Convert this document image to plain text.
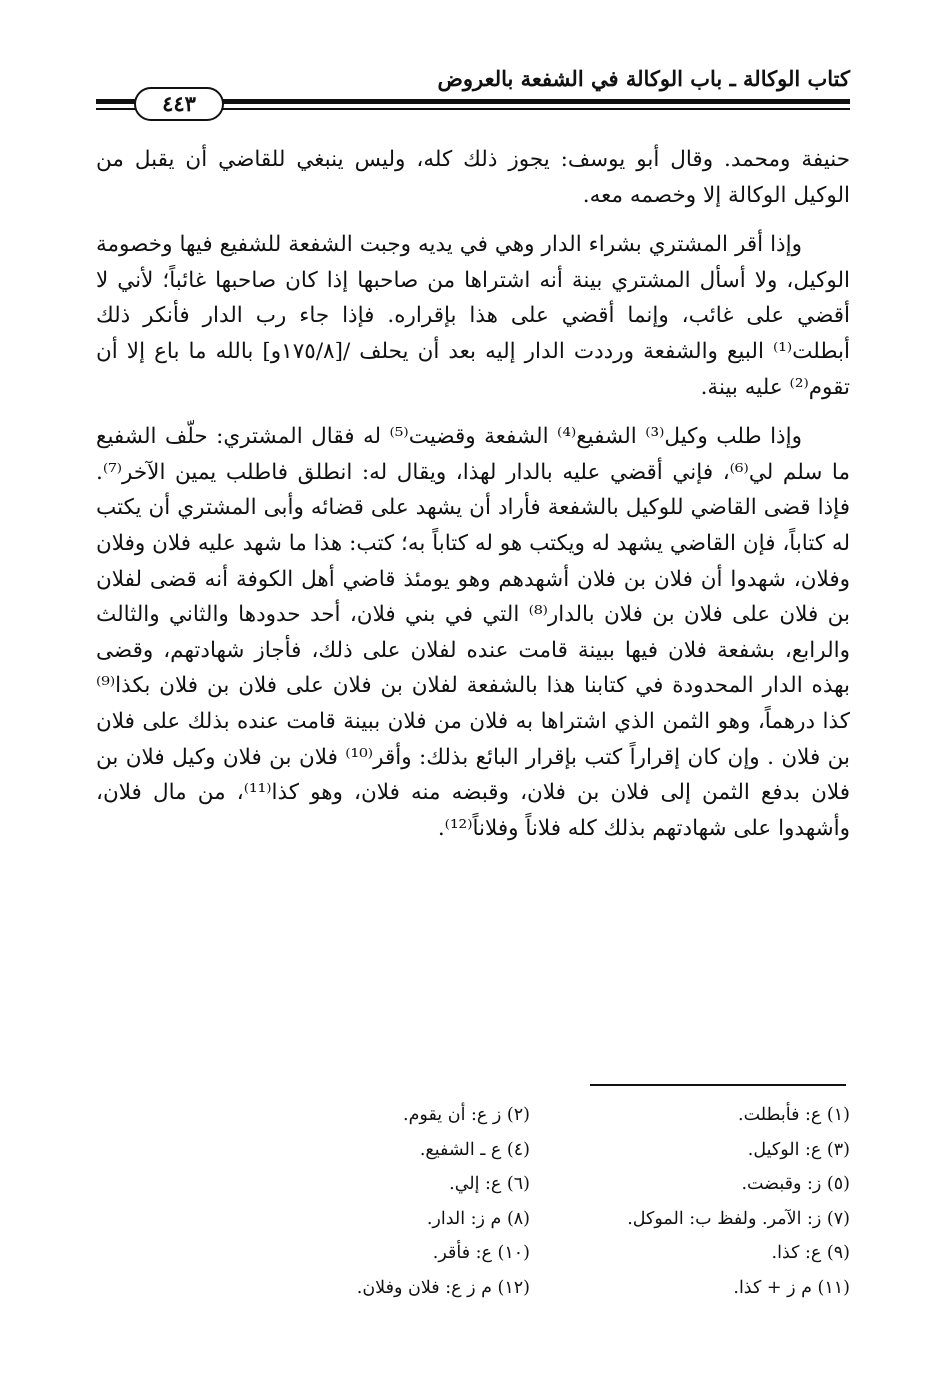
كتاب الوكالة ـ باب الوكالة في الشفعة بالعروض
٤٤٣

حنيفة ومحمد. وقال أبو يوسف: يجوز ذلك كله، وليس ينبغي للقاضي أن يقبل من الوكيل الوكالة إلا وخصمه معه.

وإذا أقر المشتري بشراء الدار وهي في يديه وجبت الشفعة للشفيع فيها وخصومة الوكيل، ولا أسأل المشتري بينة أنه اشتراها من صاحبها إذا كان صاحبها غائباً؛ لأني لا أقضي على غائب، وإنما أقضي على هذا بإقراره. فإذا جاء رب الدار فأنكر ذلك أبطلت⁽¹⁾ البيع والشفعة ورددت الدار إليه بعد أن يحلف /[١٧٥/٨و] بالله ما باع إلا أن تقوم⁽²⁾ عليه بينة.

وإذا طلب وكيل⁽³⁾ الشفيع⁽⁴⁾ الشفعة وقضيت⁽⁵⁾ له فقال المشتري: حلّف الشفيع ما سلم لي⁽⁶⁾، فإني أقضي عليه بالدار لهذا، ويقال له: انطلق فاطلب يمين الآخر⁽⁷⁾. فإذا قضى القاضي للوكيل بالشفعة فأراد أن يشهد على قضائه وأبى المشتري أن يكتب له كتاباً، فإن القاضي يشهد له ويكتب هو له كتاباً به؛ كتب: هذا ما شهد عليه فلان وفلان وفلان، شهدوا أن فلان بن فلان أشهدهم وهو يومئذ قاضي أهل الكوفة أنه قضى لفلان بن فلان على فلان بن فلان بالدار⁽⁸⁾ التي في بني فلان، أحد حدودها والثاني والثالث والرابع، بشفعة فلان فيها ببينة قامت عنده لفلان على ذلك، فأجاز شهادتهم، وقضى بهذه الدار المحدودة في كتابنا هذا بالشفعة لفلان بن فلان على فلان بن فلان بكذا⁽⁹⁾ كذا درهماً، وهو الثمن الذي اشتراها به فلان من فلان ببينة قامت عنده بذلك على فلان بن فلان . وإن كان إقراراً كتب بإقرار البائع بذلك: وأقر⁽¹⁰⁾ فلان بن فلان وكيل فلان بن فلان بدفع الثمن إلى فلان بن فلان، وقبضه منه فلان، وهو كذا⁽¹¹⁾، من مال فلان، وأشهدوا على شهادتهم بذلك كله فلاناً وفلاناً⁽¹²⁾.

(١) ع: فأبطلت.
(٢) ز ع: أن يقوم.
(٣) ع: الوكيل.
(٤) ع ـ الشفيع.
(٥) ز: وقبضت.
(٦) ع: إلي.
(٧) ز: الآمر. ولفظ ب: الموكل.
(٨) م ز: الدار.
(٩) ع: كذا.
(١٠) ع: فأقر.
(١١) م ز + كذا.
(١٢) م ز ع: فلان وفلان.
